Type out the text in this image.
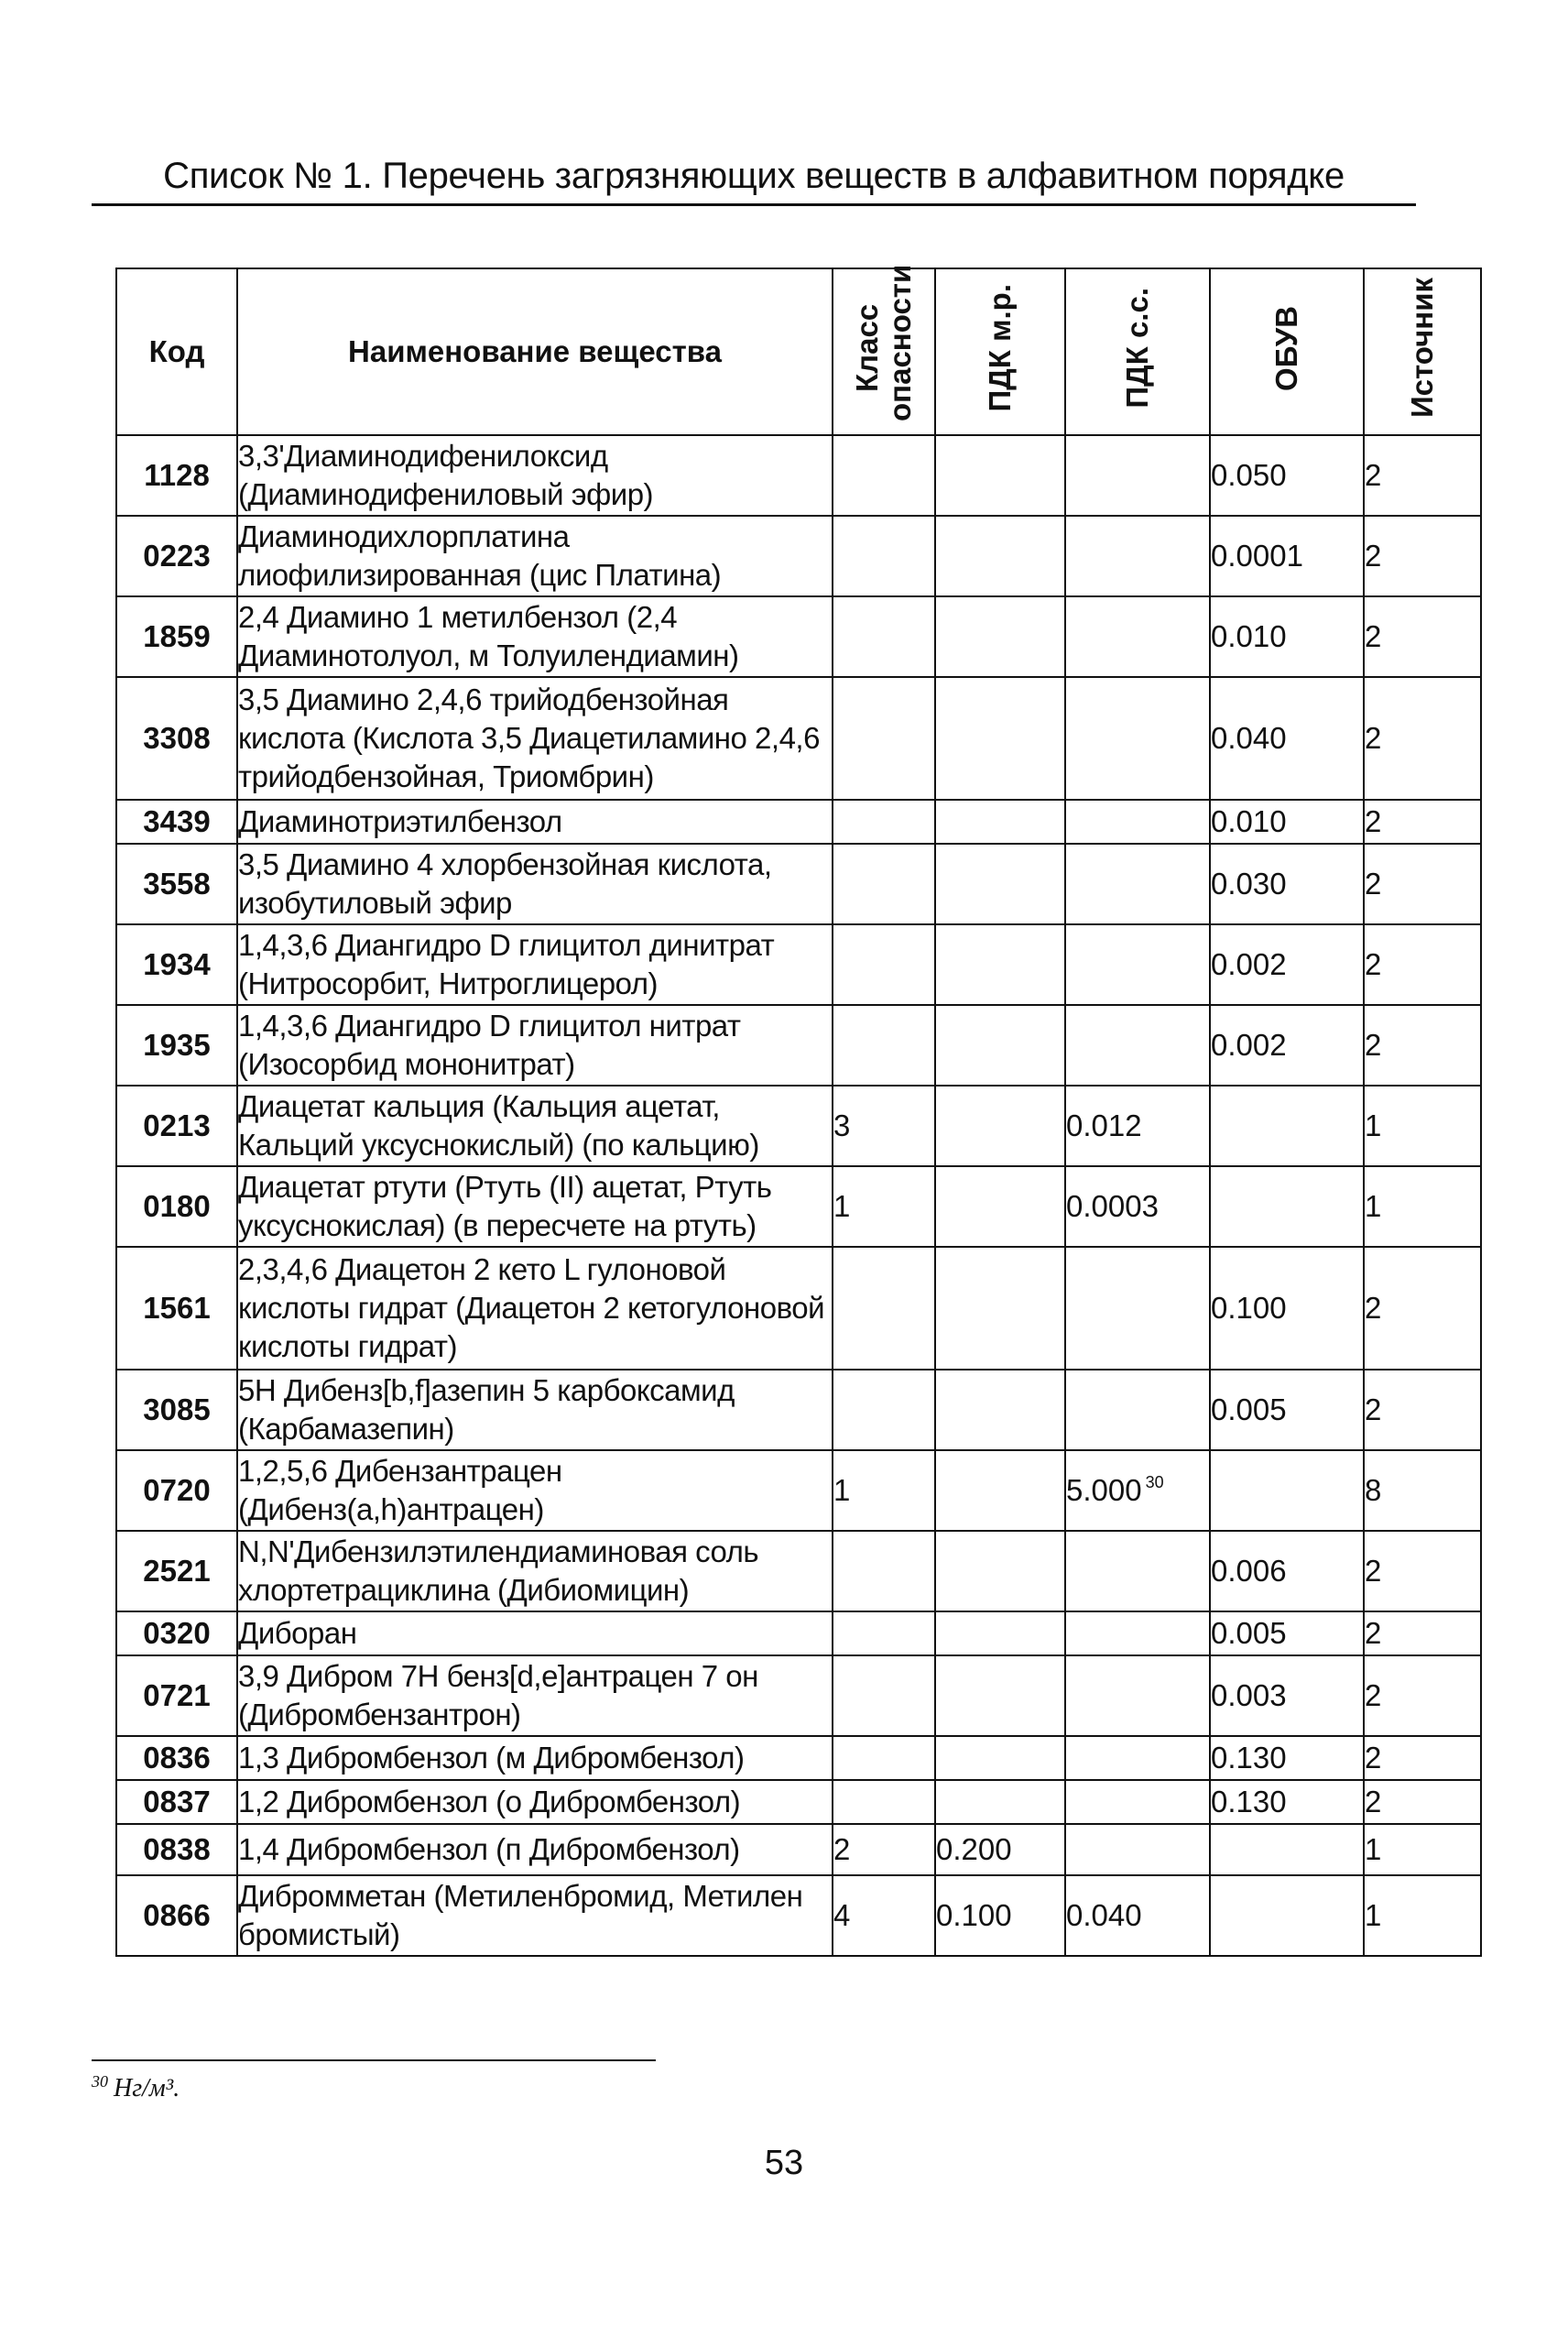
Список № 1. Перечень загрязняющих веществ в алфавитном порядке
Код	Наименование вещества	Класс опасности	ПДК м.р.	ПДК с.с.	ОБУВ	Источник
1128	3,3'Диаминодифенилоксид (Диаминодифениловый эфир)				0.050	2
0223	Диаминодихлорплатина лиофилизированная (цис Платина)				0.0001	2
1859	2,4 Диамино 1 метилбензол (2,4 Диаминотолуол, м Толуилендиамин)				0.010	2
3308	3,5 Диамино 2,4,6 трийодбензойная кислота (Кислота 3,5 Диацетиламино 2,4,6 трийодбензойная, Триомбрин)				0.040	2
3439	Диаминотриэтилбензол				0.010	2
3558	3,5 Диамино 4 хлорбензойная кислота, изобутиловый эфир				0.030	2
1934	1,4,3,6 Диангидро D глицитол динитрат (Нитросорбит, Нитроглицерол)				0.002	2
1935	1,4,3,6 Диангидро D глицитол нитрат (Изосорбид мононитрат)				0.002	2
0213	Диацетат кальция (Кальция ацетат, Кальций уксуснокислый) (по кальцию)	3		0.012		1
0180	Диацетат ртути (Ртуть (II) ацетат, Ртуть уксуснокислая) (в пересчете на ртуть)	1		0.0003		1
1561	2,3,4,6 Диацетон 2 кето L гулоновой кислоты гидрат (Диацетон 2 кетогулоновой кислоты гидрат)				0.100	2
3085	5H Дибенз[b,f]азепин 5 карбоксамид (Карбамазепин)				0.005	2
0720	1,2,5,6 Дибензантрацен (Дибенз(a,h)антрацен)	1		5.000 $^{30}$		8
2521	N,N'Дибензилэтилендиаминовая соль хлортетрациклина (Дибиомицин)				0.006	2
0320	Диборан				0.005	2
0721	3,9 Дибром 7H бенз[d,e]антрацен 7 он (Дибромбензантрон)				0.003	2
0836	1,3 Дибромбензол (м Дибромбензол)				0.130	2
0837	1,2 Дибромбензол (о Дибромбензол)				0.130	2
0838	1,4 Дибромбензол (п Дибромбензол)	2	0.200			1
0866	Дибромметан (Метиленбромид, Метилен бромистый)	4	0.100	0.040		1
$^{30}$ Нг/м³.
53
